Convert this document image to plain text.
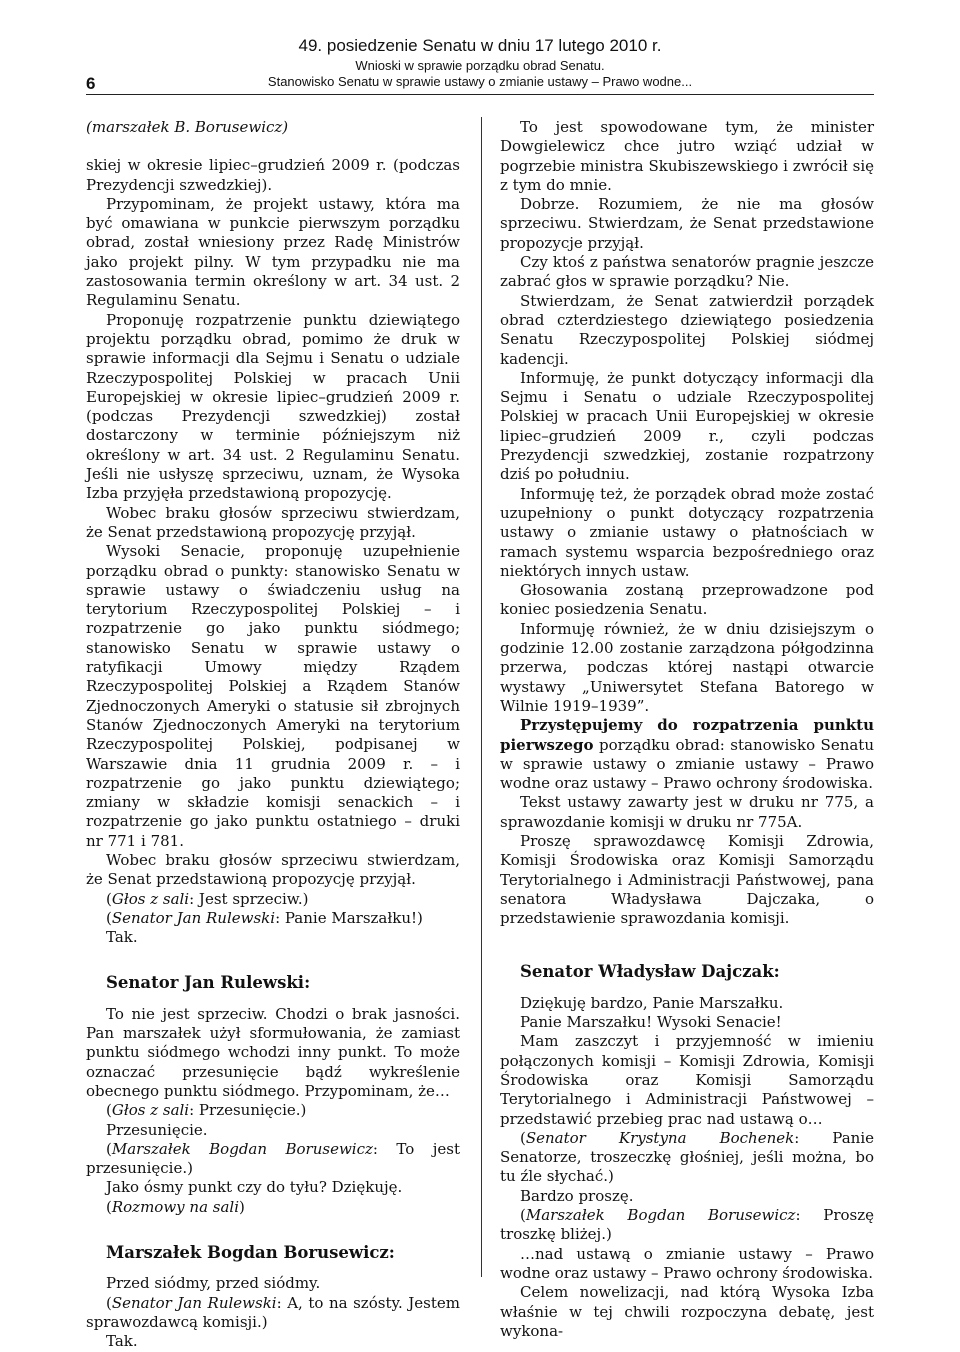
49. posiedzenie Senatu w dniu 17 lutego 2010 r.
Wnioski w sprawie porządku obrad Senatu.
Stanowisko Senatu w sprawie ustawy o zmianie ustawy – Prawo wodne...
6

(marszałek B. Borusewicz)

skiej w okresie lipiec–grudzień 2009 r. (podczas Prezydencji szwedzkiej).

Przypominam, że projekt ustawy, która ma być omawiana w punkcie pierwszym porządku obrad, został wniesiony przez Radę Ministrów jako projekt pilny. W tym przypadku nie ma zastosowania termin określony w art. 34 ust. 2 Regulaminu Senatu.

Proponuję rozpatrzenie punktu dziewiątego projektu porządku obrad, pomimo że druk w sprawie informacji dla Sejmu i Senatu o udziale Rzeczypospolitej Polskiej w pracach Unii Europejskiej w okresie lipiec–grudzień 2009 r. (podczas Prezydencji szwedzkiej) został dostarczony w terminie późniejszym niż określony w art. 34 ust. 2 Regulaminu Senatu. Jeśli nie usłyszę sprzeciwu, uznam, że Wysoka Izba przyjęła przedstawioną propozycję.

Wobec braku głosów sprzeciwu stwierdzam, że Senat przedstawioną propozycję przyjął.

Wysoki Senacie, proponuję uzupełnienie porządku obrad o punkty: stanowisko Senatu w sprawie ustawy o świadczeniu usług na terytorium Rzeczypospolitej Polskiej – i rozpatrzenie go jako punktu siódmego; stanowisko Senatu w sprawie ustawy o ratyfikacji Umowy między Rządem Rzeczypospolitej Polskiej a Rządem Stanów Zjednoczonych Ameryki o statusie sił zbrojnych Stanów Zjednoczonych Ameryki na terytorium Rzeczypospolitej Polskiej, podpisanej w Warszawie dnia 11 grudnia 2009 r. – i rozpatrzenie go jako punktu dziewiątego; zmiany w składzie komisji senackich – i rozpatrzenie go jako punktu ostatniego – druki nr 771 i 781.

Wobec braku głosów sprzeciwu stwierdzam, że Senat przedstawioną propozycję przyjął.

(Głos z sali: Jest sprzeciw.)

(Senator Jan Rulewski: Panie Marszałku!)

Tak.

Senator Jan Rulewski:

To nie jest sprzeciw. Chodzi o brak jasności. Pan marszałek użył sformułowania, że zamiast punktu siódmego wchodzi inny punkt. To może oznaczać przesunięcie bądź wykreślenie obecnego punktu siódmego. Przypominam, że…

(Głos z sali: Przesunięcie.)

Przesunięcie.

(Marszałek Bogdan Borusewicz: To jest przesunięcie.)

Jako ósmy punkt czy do tyłu? Dziękuję.

(Rozmowy na sali)

Marszałek Bogdan Borusewicz:

Przed siódmy, przed siódmy.

(Senator Jan Rulewski: A, to na szósty. Jestem sprawozdawcą komisji.)

Tak.

To jest spowodowane tym, że minister Dowgielewicz chce jutro wziąć udział w pogrzebie ministra Skubiszewskiego i zwrócił się z tym do mnie.

Dobrze. Rozumiem, że nie ma głosów sprzeciwu. Stwierdzam, że Senat przedstawione propozycje przyjął.

Czy ktoś z państwa senatorów pragnie jeszcze zabrać głos w sprawie porządku? Nie.

Stwierdzam, że Senat zatwierdził porządek obrad czterdziestego dziewiątego posiedzenia Senatu Rzeczypospolitej Polskiej siódmej kadencji.

Informuję, że punkt dotyczący informacji dla Sejmu i Senatu o udziale Rzeczypospolitej Polskiej w pracach Unii Europejskiej w okresie lipiec–grudzień 2009 r., czyli podczas Prezydencji szwedzkiej, zostanie rozpatrzony dziś po południu.

Informuję też, że porządek obrad może zostać uzupełniony o punkt dotyczący rozpatrzenia ustawy o zmianie ustawy o płatnościach w ramach systemu wsparcia bezpośredniego oraz niektórych innych ustaw.

Głosowania zostaną przeprowadzone pod koniec posiedzenia Senatu.

Informuję również, że w dniu dzisiejszym o godzinie 12.00 zostanie zarządzona półgodzinna przerwa, podczas której nastąpi otwarcie wystawy „Uniwersytet Stefana Batorego w Wilnie 1919–1939”.

Przystępujemy do rozpatrzenia punktu pierwszego porządku obrad: stanowisko Senatu w sprawie ustawy o zmianie ustawy – Prawo wodne oraz ustawy – Prawo ochrony środowiska.

Tekst ustawy zawarty jest w druku nr 775, a sprawozdanie komisji w druku nr 775A.

Proszę sprawozdawcę Komisji Zdrowia, Komisji Środowiska oraz Komisji Samorządu Terytorialnego i Administracji Państwowej, pana senatora Władysława Dajczaka, o przedstawienie sprawozdania komisji.

Senator Władysław Dajczak:

Dziękuję bardzo, Panie Marszałku.

Panie Marszałku! Wysoki Senacie!

Mam zaszczyt i przyjemność w imieniu połączonych komisji – Komisji Zdrowia, Komisji Środowiska oraz Komisji Samorządu Terytorialnego i Administracji Państwowej – przedstawić przebieg prac nad ustawą o…

(Senator Krystyna Bochenek: Panie Senatorze, troszeczkę głośniej, jeśli można, bo tu źle słychać.)

Bardzo proszę.

(Marszałek Bogdan Borusewicz: Proszę troszkę bliżej.)

…nad ustawą o zmianie ustawy – Prawo wodne oraz ustawy – Prawo ochrony środowiska.

Celem nowelizacji, nad którą Wysoka Izba właśnie w tej chwili rozpoczyna debatę, jest wykona-
